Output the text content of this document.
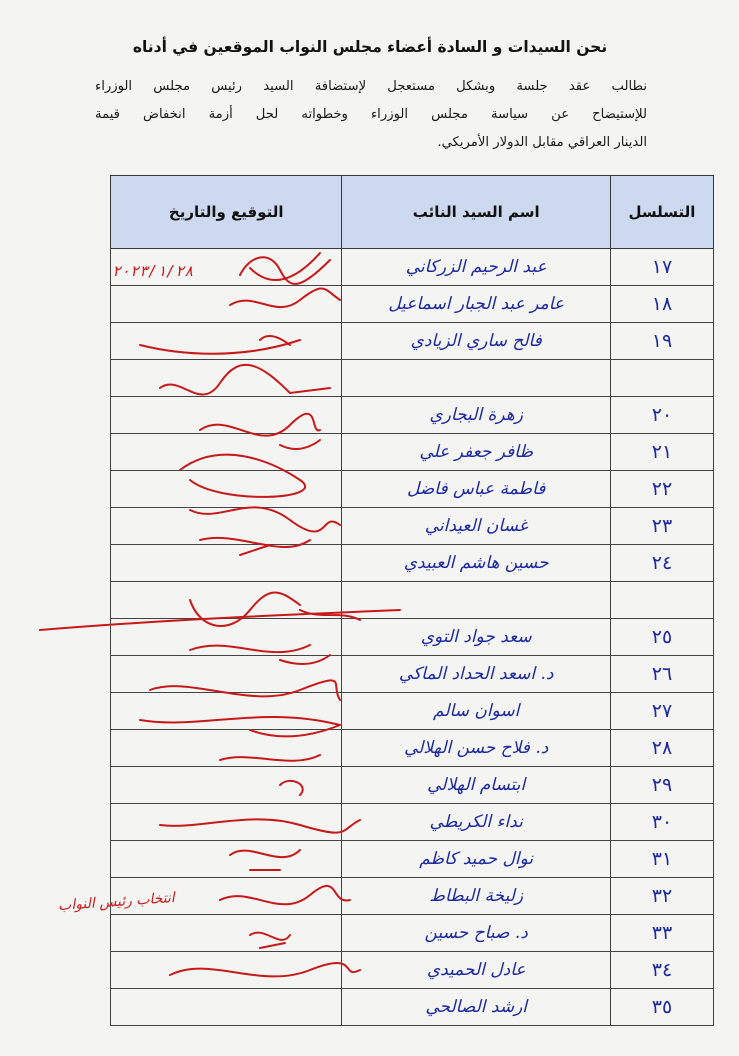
نحن السيدات و السادة أعضاء مجلس النواب الموقعين في أدناه
نطالب عقد جلسة وبشكل مستعجل لإستضافة السيد رئيس مجلس الوزراء
للإستيضاح عن سياسة مجلس الوزراء وخطواته لحل أزمة انخفاض قيمة
الدينار العراقي مقابل الدولار الأمريكي.
التسلسل	اسم السيد النائب	التوقيع والتاريخ
١٧	عبد الرحيم الزركاني	
١٨	عامر عبد الجبار اسماعيل	
١٩	فالح ساري الزيادي	

٢٠	زهرة البجاري	
٢١	ظافر جعفر علي	
٢٢	فاطمة عباس فاضل	
٢٣	غسان العيداني	
٢٤	حسين هاشم العبيدي	

٢٥	سعد جواد التوي	
٢٦	د. اسعد الحداد الماكي	
٢٧	اسوان سالم	
٢٨	د. فلاح حسن الهلالي	
٢٩	ابتسام الهلالي	
٣٠	نداء الكريطي	
٣١	نوال حميد كاظم	
٣٢	زليخة البطاط	
٣٣	د. صباح حسين	
٣٤	عادل الحميدي	
٣٥	ارشد الصالحي	
٢٠٢٣/١/٢٨
انتخاب رئيس النواب
